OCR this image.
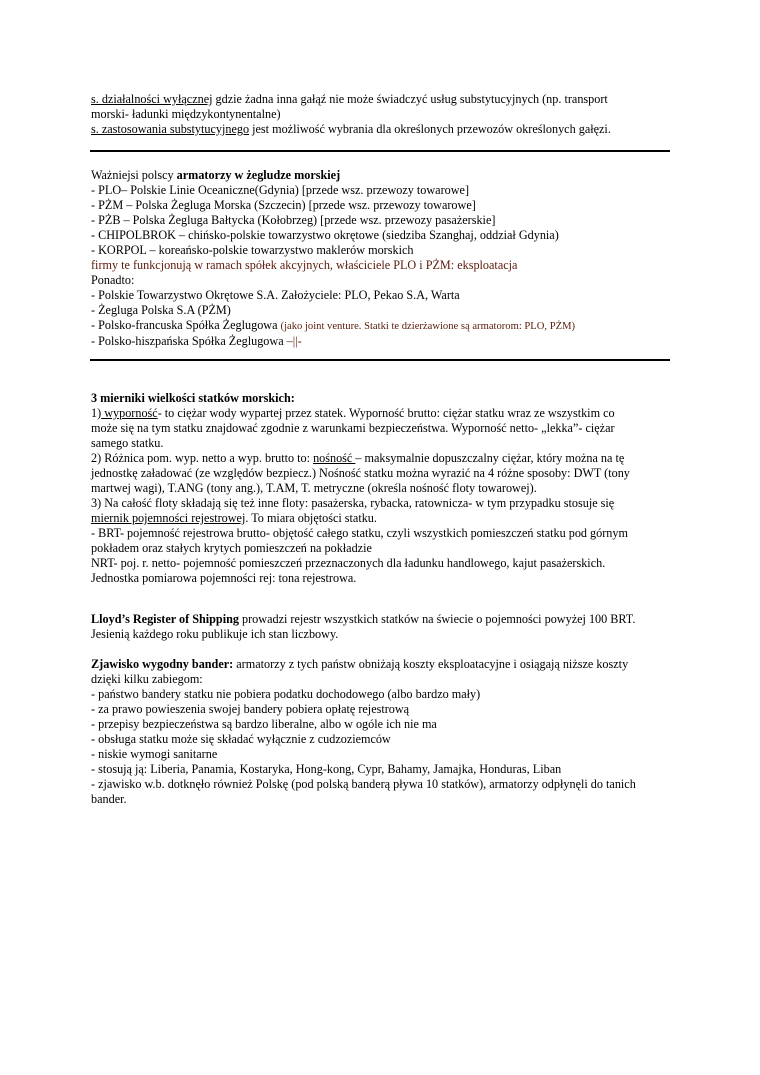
s. działalności wyłącznej gdzie żadna inna gałąź nie może świadczyć usług substytucyjnych (np. transport
morski- ładunki międzykontynentalne)
s. zastosowania substytucyjnego jest możliwość wybrania dla określonych przewozów określonych gałęzi.
Ważniejsi polscy armatorzy w żegludze morskiej
- PLO– Polskie Linie Oceaniczne(Gdynia) [przede wsz. przewozy towarowe]
- PŻM – Polska Żegluga Morska (Szczecin) [przede wsz. przewozy towarowe]
- PŻB – Polska Żegluga Bałtycka (Kołobrzeg) [przede wsz. przewozy pasażerskie]
- CHIPOLBROK – chińsko-polskie towarzystwo okrętowe (siedziba Szanghaj, oddział Gdynia)
- KORPOL – koreańsko-polskie towarzystwo maklerów morskich
firmy te funkcjonują w ramach spółek akcyjnych, właściciele PLO i PŻM: eksploatacja
Ponadto:
- Polskie Towarzystwo Okrętowe S.A. Założyciele: PLO, Pekao S.A, Warta
- Żegluga Polska S.A (PŻM)
- Polsko-francuska Spółka Żeglugowa (jako joint venture. Statki te dzierżawione są armatorom: PLO, PŻM)
- Polsko-hiszpańska Spółka Żeglugowa –||-
3 mierniki wielkości statków morskich:
1) wyporność- to ciężar wody wypartej przez statek. Wyporność brutto: ciężar statku wraz ze wszystkim co
może się na tym statku znajdować zgodnie z warunkami bezpieczeństwa. Wyporność netto- „lekka”- ciężar
samego statku.
2) Różnica pom. wyp. netto a wyp. brutto to: nośność – maksymalnie dopuszczalny ciężar, który można na tę
jednostkę załadować (ze względów bezpiecz.) Nośność statku można wyrazić na 4 różne sposoby: DWT (tony
martwej wagi), T.ANG (tony ang.), T.AM, T. metryczne (określa nośność floty towarowej).
3) Na całość floty składają się też inne floty: pasażerska, rybacka, ratownicza- w tym przypadku stosuje się
miernik pojemności rejestrowej. To miara objętości statku.
- BRT- pojemność rejestrowa brutto- objętość całego statku, czyli wszystkich pomieszczeń statku pod górnym
pokładem oraz stałych krytych pomieszczeń na pokładzie
NRT- poj. r. netto- pojemność pomieszczeń przeznaczonych dla ładunku handlowego, kajut pasażerskich.
Jednostka pomiarowa pojemności rej: tona rejestrowa.
Lloyd’s Register of Shipping prowadzi rejestr wszystkich statków na świecie o pojemności powyżej 100 BRT.
Jesienią każdego roku publikuje ich stan liczbowy.
Zjawisko wygodny bander: armatorzy z tych państw obniżają koszty eksploatacyjne i osiągają niższe koszty
dzięki kilku zabiegom:
- państwo bandery statku nie pobiera podatku dochodowego (albo bardzo mały)
- za prawo powieszenia swojej bandery pobiera opłatę rejestrową
- przepisy bezpieczeństwa są bardzo liberalne, albo w ogóle ich nie ma
- obsługa statku może się składać wyłącznie z cudzoziemców
- niskie wymogi sanitarne
- stosują ją: Liberia, Panamia, Kostaryka, Hong-kong, Cypr, Bahamy, Jamajka, Honduras, Liban
- zjawisko w.b. dotknęło również Polskę (pod polską banderą pływa 10 statków), armatorzy odpłynęli do tanich
bander.
